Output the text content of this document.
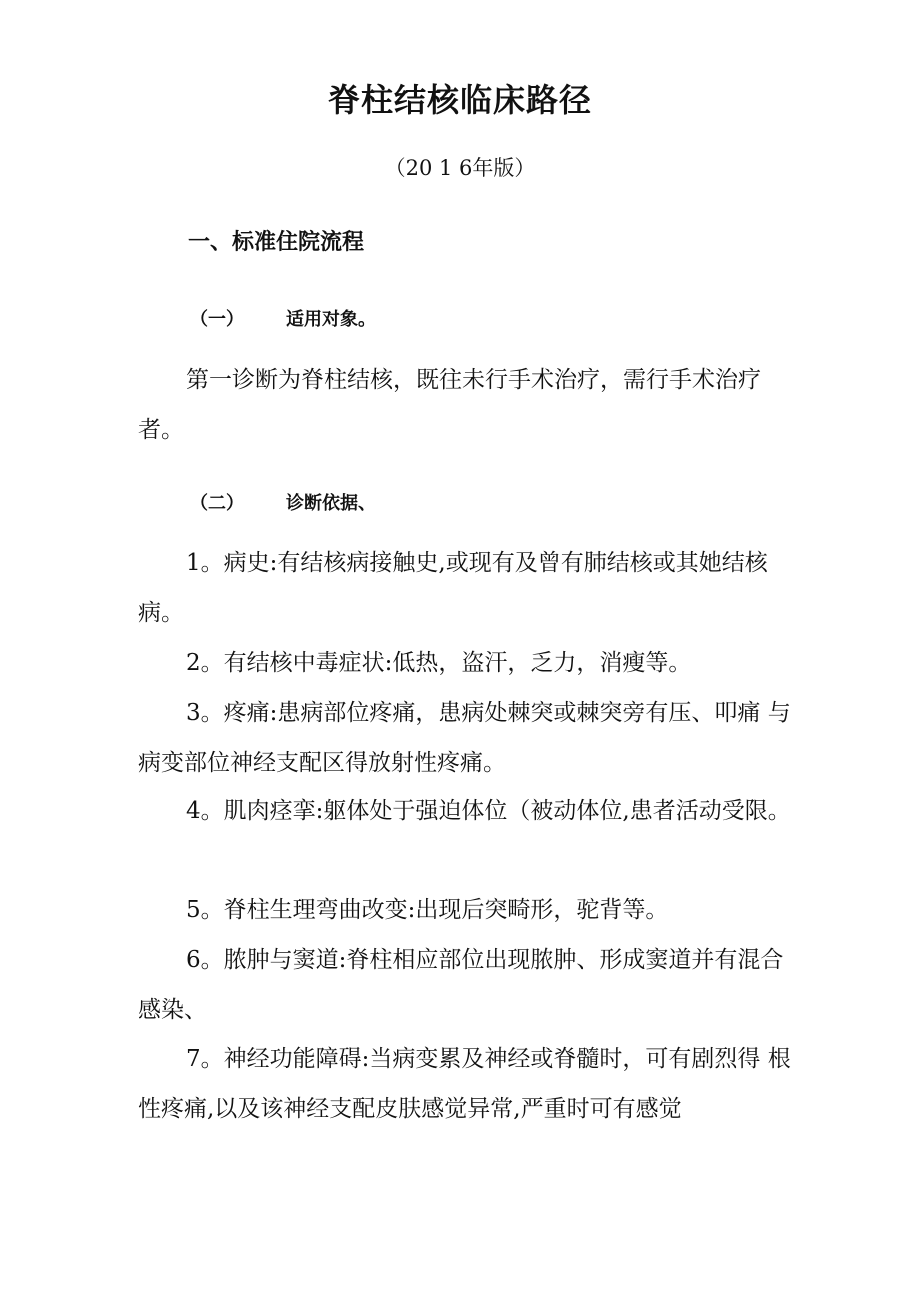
脊柱结核临床路径
（20 1 6年版）
一、标准住院流程
（一） 适用对象。

第一诊断为脊柱结核，既往未行手术治疗，需行手术治疗者。

（二） 诊断依据、

1。病史:有结核病接触史,或现有及曾有肺结核或其她结核病。

2。有结核中毒症状:低热，盗汗，乏力，消瘦等。

3。疼痛:患病部位疼痛，患病处棘突或棘突旁有压、叩痛 与病变部位神经支配区得放射性疼痛。

4。肌肉痉挛:躯体处于强迫体位（被动体位,患者活动受限。

5。脊柱生理弯曲改变:出现后突畸形，驼背等。

6。脓肿与窦道:脊柱相应部位出现脓肿、形成窦道并有混合感染、

7。神经功能障碍:当病变累及神经或脊髓时，可有剧烈得 根性疼痛,以及该神经支配皮肤感觉异常,严重时可有感觉
